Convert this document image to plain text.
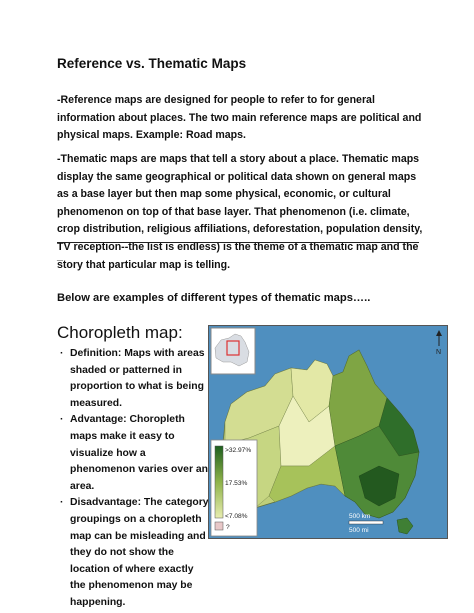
Reference vs. Thematic Maps
-Reference maps are designed for people to refer to for general information about places. The two main reference maps are political and physical maps. Example: Road maps.
-Thematic maps are maps that tell a story about a place. Thematic maps display the same geographical or political data shown on general maps as a base layer but then map some physical, economic, or cultural phenomenon on top of that base layer. That phenomenon (i.e. climate, crop distribution, religious affiliations, deforestation, population density, TV reception--the list is endless) is the theme of a thematic map and the story that particular map is telling.
_
Below are examples of different types of thematic maps…..
Choropleth map:
· Definition: Maps with areas shaded or patterned in proportion to what is being measured.
· Advantage: Choropleth maps make it easy to visualize how a phenomenon varies over an area.
· Disadvantage: The category groupings on a choropleth map can be misleading and they do not show the location of where exactly the phenomenon may be happening.
N
>32.97%
17.53%
<7.08%
?
500 km
500 mi
